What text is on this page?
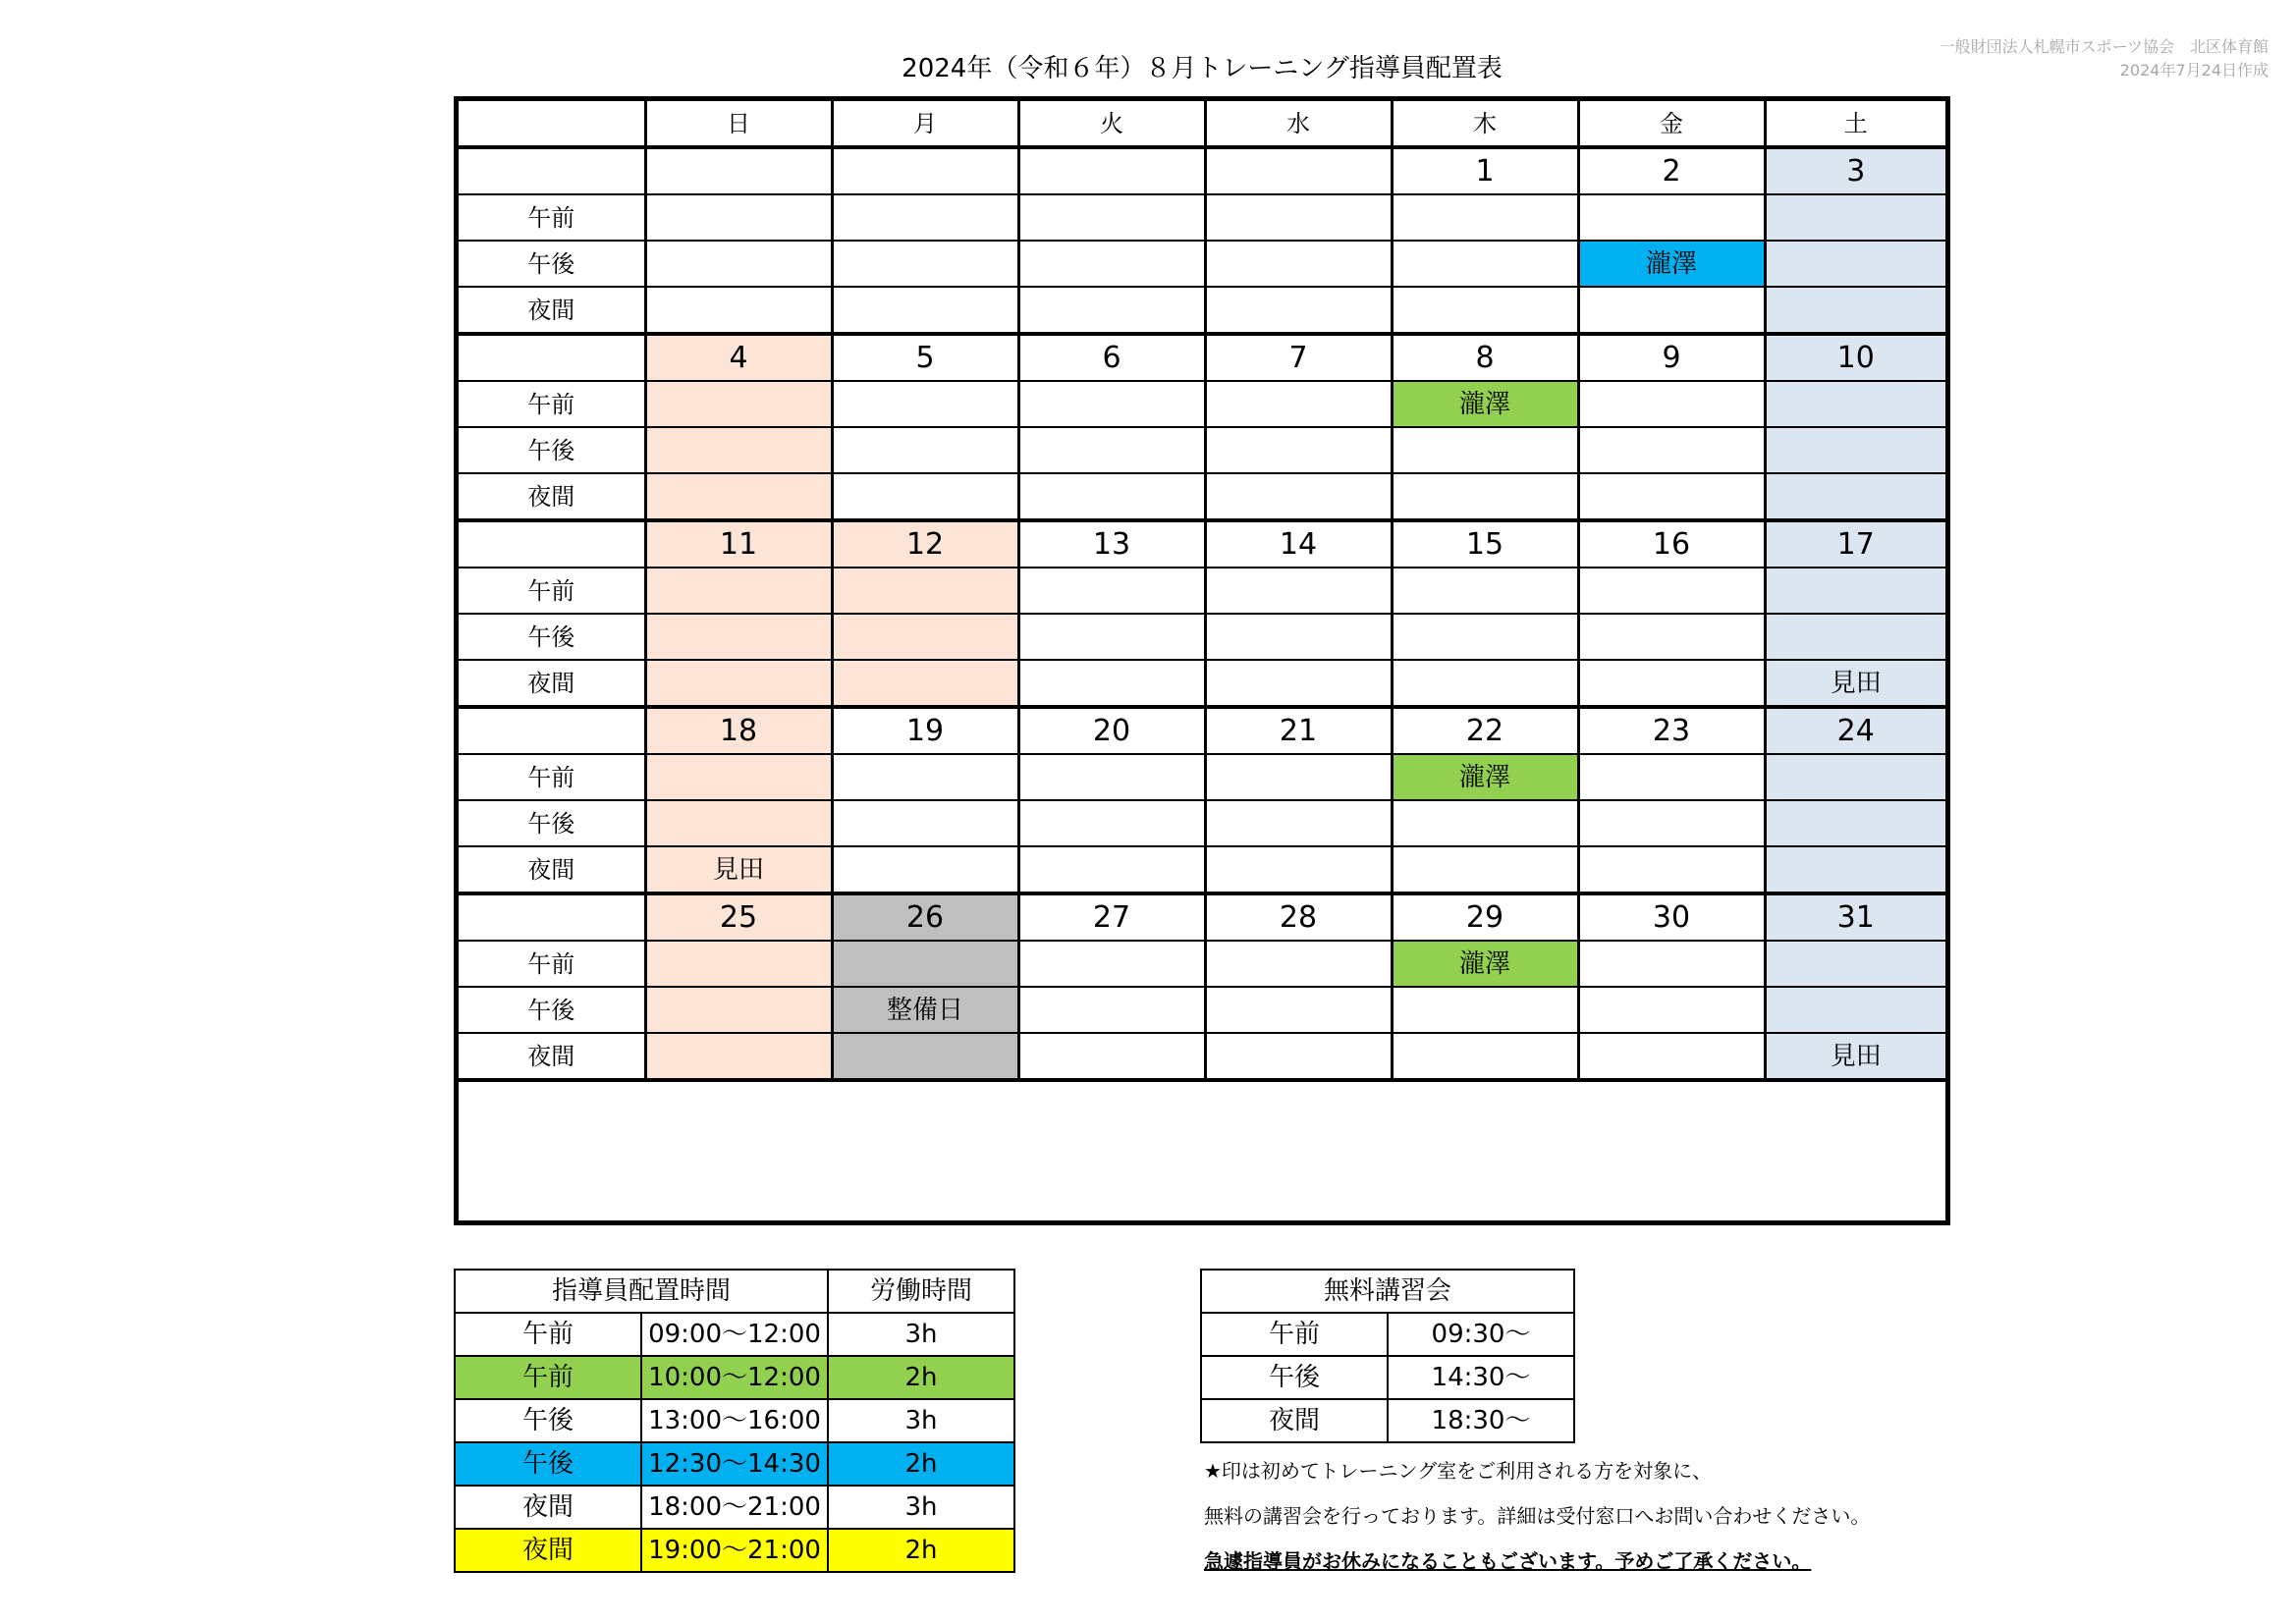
一般財団法人札幌市スポーツ協会　北区体育館
2024年7月24日作成
2024年（令和６年）８月トレーニング指導員配置表
	日	月	火	水	木	金	土
					1	2	3
午前							
午後						瀧澤	
夜間							
	4	5	6	7	8	9	10
午前					瀧澤		
午後							
夜間							
	11	12	13	14	15	16	17
午前							
午後							
夜間							見田
	18	19	20	21	22	23	24
午前					瀧澤		
午後							
夜間	見田						
	25	26	27	28	29	30	31
午前					瀧澤		
午後		整備日					
夜間							見田
指導員配置時間		労働時間
午前	09:00～12:00	3h
午前	10:00～12:00	2h
午後	13:00～16:00	3h
午後	12:30～14:30	2h
夜間	18:00～21:00	3h
夜間	19:00～21:00	2h
無料講習会	
午前	09:30～
午後	14:30～
夜間	18:30～
★印は初めてトレーニング室をご利用される方を対象に、
無料の講習会を行っております。詳細は受付窓口へお問い合わせください。
急遽指導員がお休みになることもございます。予めご了承ください。
